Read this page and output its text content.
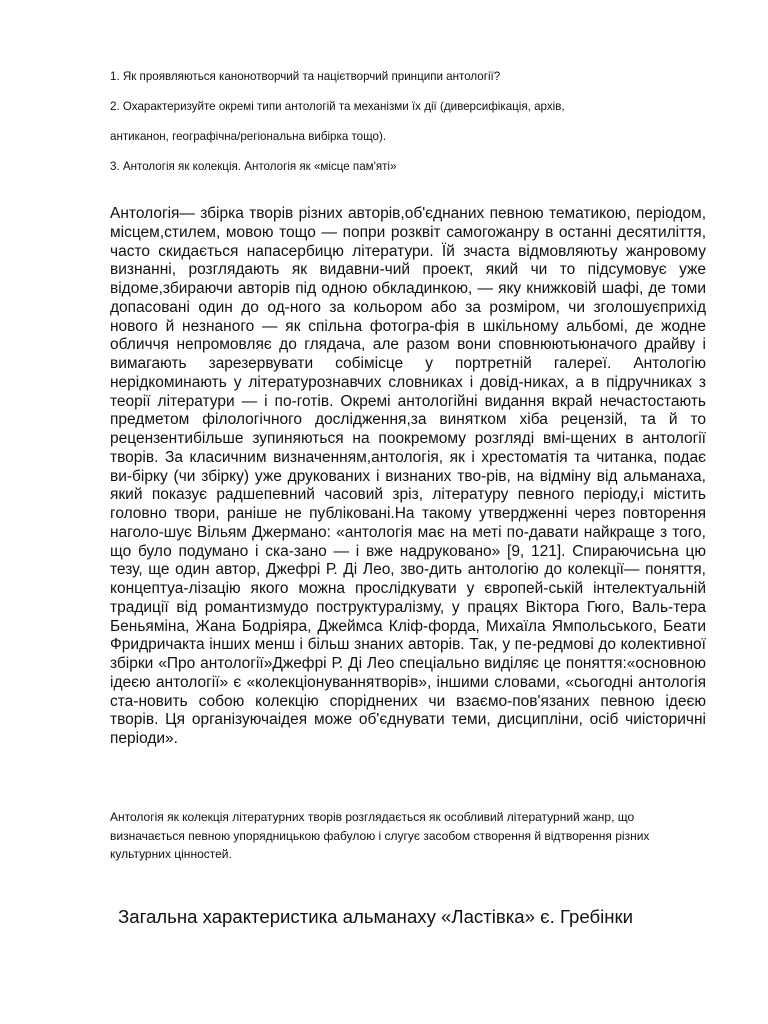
1. Як проявляються канонотворчий та націєтворчий принципи антології?

2. Охарактеризуйте окремі типи антологій та механізми їх дії (диверсифікація, архів,

антиканон, географічна/регіональна вибірка тощо).

3. Антологія як колекція. Антологія як «місце пам'яті»

Антологія— збірка творів різних авторів,об'єднаних певною тематикою, періодом, місцем,стилем, мовою тощо — попри розквіт самогожанру в останні десятиліття, часто скидається напасербицю літератури. Їй зчаста відмовляютьу жанровому визнанні, розглядають як видавни-чий проект, який чи то підсумовує уже відоме,збираючи авторів під одною обкладинкою, — яку книжковій шафі, де томи допасовані один до од-ного за кольором або за розміром, чи зголошуєприхід нового й незнаного — як спільна фотогра-фія в шкільному альбомі, де жодне обличчя непромовляє до глядача, але разом вони сповнюютьюначого драйву і вимагають зарезервувати собімісце у портретній галереї. Антологію нерідкоминають у літературознавчих словниках і довід-никах, а в підручниках з теорії літератури — і по-готів. Окремі антологійні видання вкрай нечастостають предметом філологічного дослідження,за винятком хіба рецензій, та й то рецензентибільше зупиняються на поокремому розгляді вмі-щених в антології творів. За класичним визначенням,антологія, як і хрестоматія та читанка, подає ви-бірку (чи збірку) уже друкованих і визнаних тво-рів, на відміну від альманаха, який показує радшепевний часовий зріз, літературу певного періоду,і містить головно твори, раніше не публіковані.На такому утвердженні через повторення наголо-шує Вільям Джермано: «антологія має на меті по-давати найкраще з того, що було подумано і ска-зано — і вже надруковано» [9, 121]. Спираючисьна цю тезу, ще один автор, Джефрі Р. Ді Лео, зво-дить антологію до колекції— поняття, концептуа-лізацію якого можна прослідкувати у європей-ській інтелектуальній традиції від романтизмудо поструктуралізму, у працях Віктора Гюго, Валь-тера Беньяміна, Жана Бодріяра, Джеймса Кліф-форда, Михаїла Ямпольського, Беати Фридричакта інших менш і більш знаних авторів. Так, у пе-редмові до колективної збірки «Про антології»Джефрі Р. Ді Лео спеціально виділяє це поняття:«основною ідеєю антології» є «колекціонуваннятворів», іншими словами, «сьогодні антологія ста-новить собою колекцію споріднених чи взаємо-пов'язаних певною ідеєю творів. Ця організуючаідея може об'єднувати теми, дисципліни, осіб чиісторичні періоди».

Антологія як колекція літературних творів розглядається як особливий літературний жанр, що визначається певною упорядницькою фабулою і слугує засобом створення й відтворення різних культурних цінностей.

Загальна характеристика альманаху «Ластівка» є. Гребінки
